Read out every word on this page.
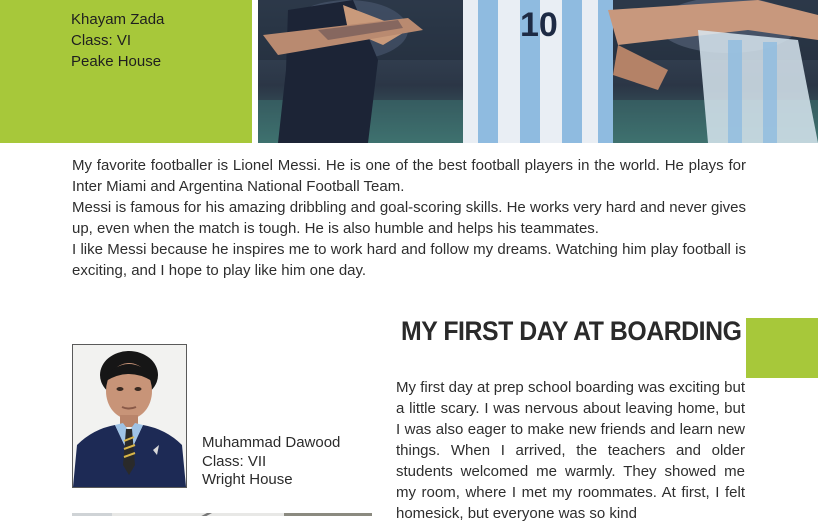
Khayam Zada
Class: VI
Peake House
10

My favorite footballer is Lionel Messi. He is one of the best football players in the world. He plays for Inter Miami and Argentina National Football Team.

Messi is famous for his amazing dribbling and goal-scoring skills. He works very hard and never gives up, even when the match is tough. He is also humble and helps his teammates.

I like Messi because he inspires me to work hard and follow my dreams. Watching him play football is exciting, and I hope to play like him one day.

MY FIRST DAY AT BOARDING
Muhammad Dawood
Class: VII
Wright House
My first day at prep school boarding was exciting but a little scary. I was nervous about leaving home, but I was also eager to make new friends and learn new things. When I arrived, the teachers and older students welcomed me warmly. They showed me my room, where I met my roommates. At first, I felt homesick, but everyone was so kind
